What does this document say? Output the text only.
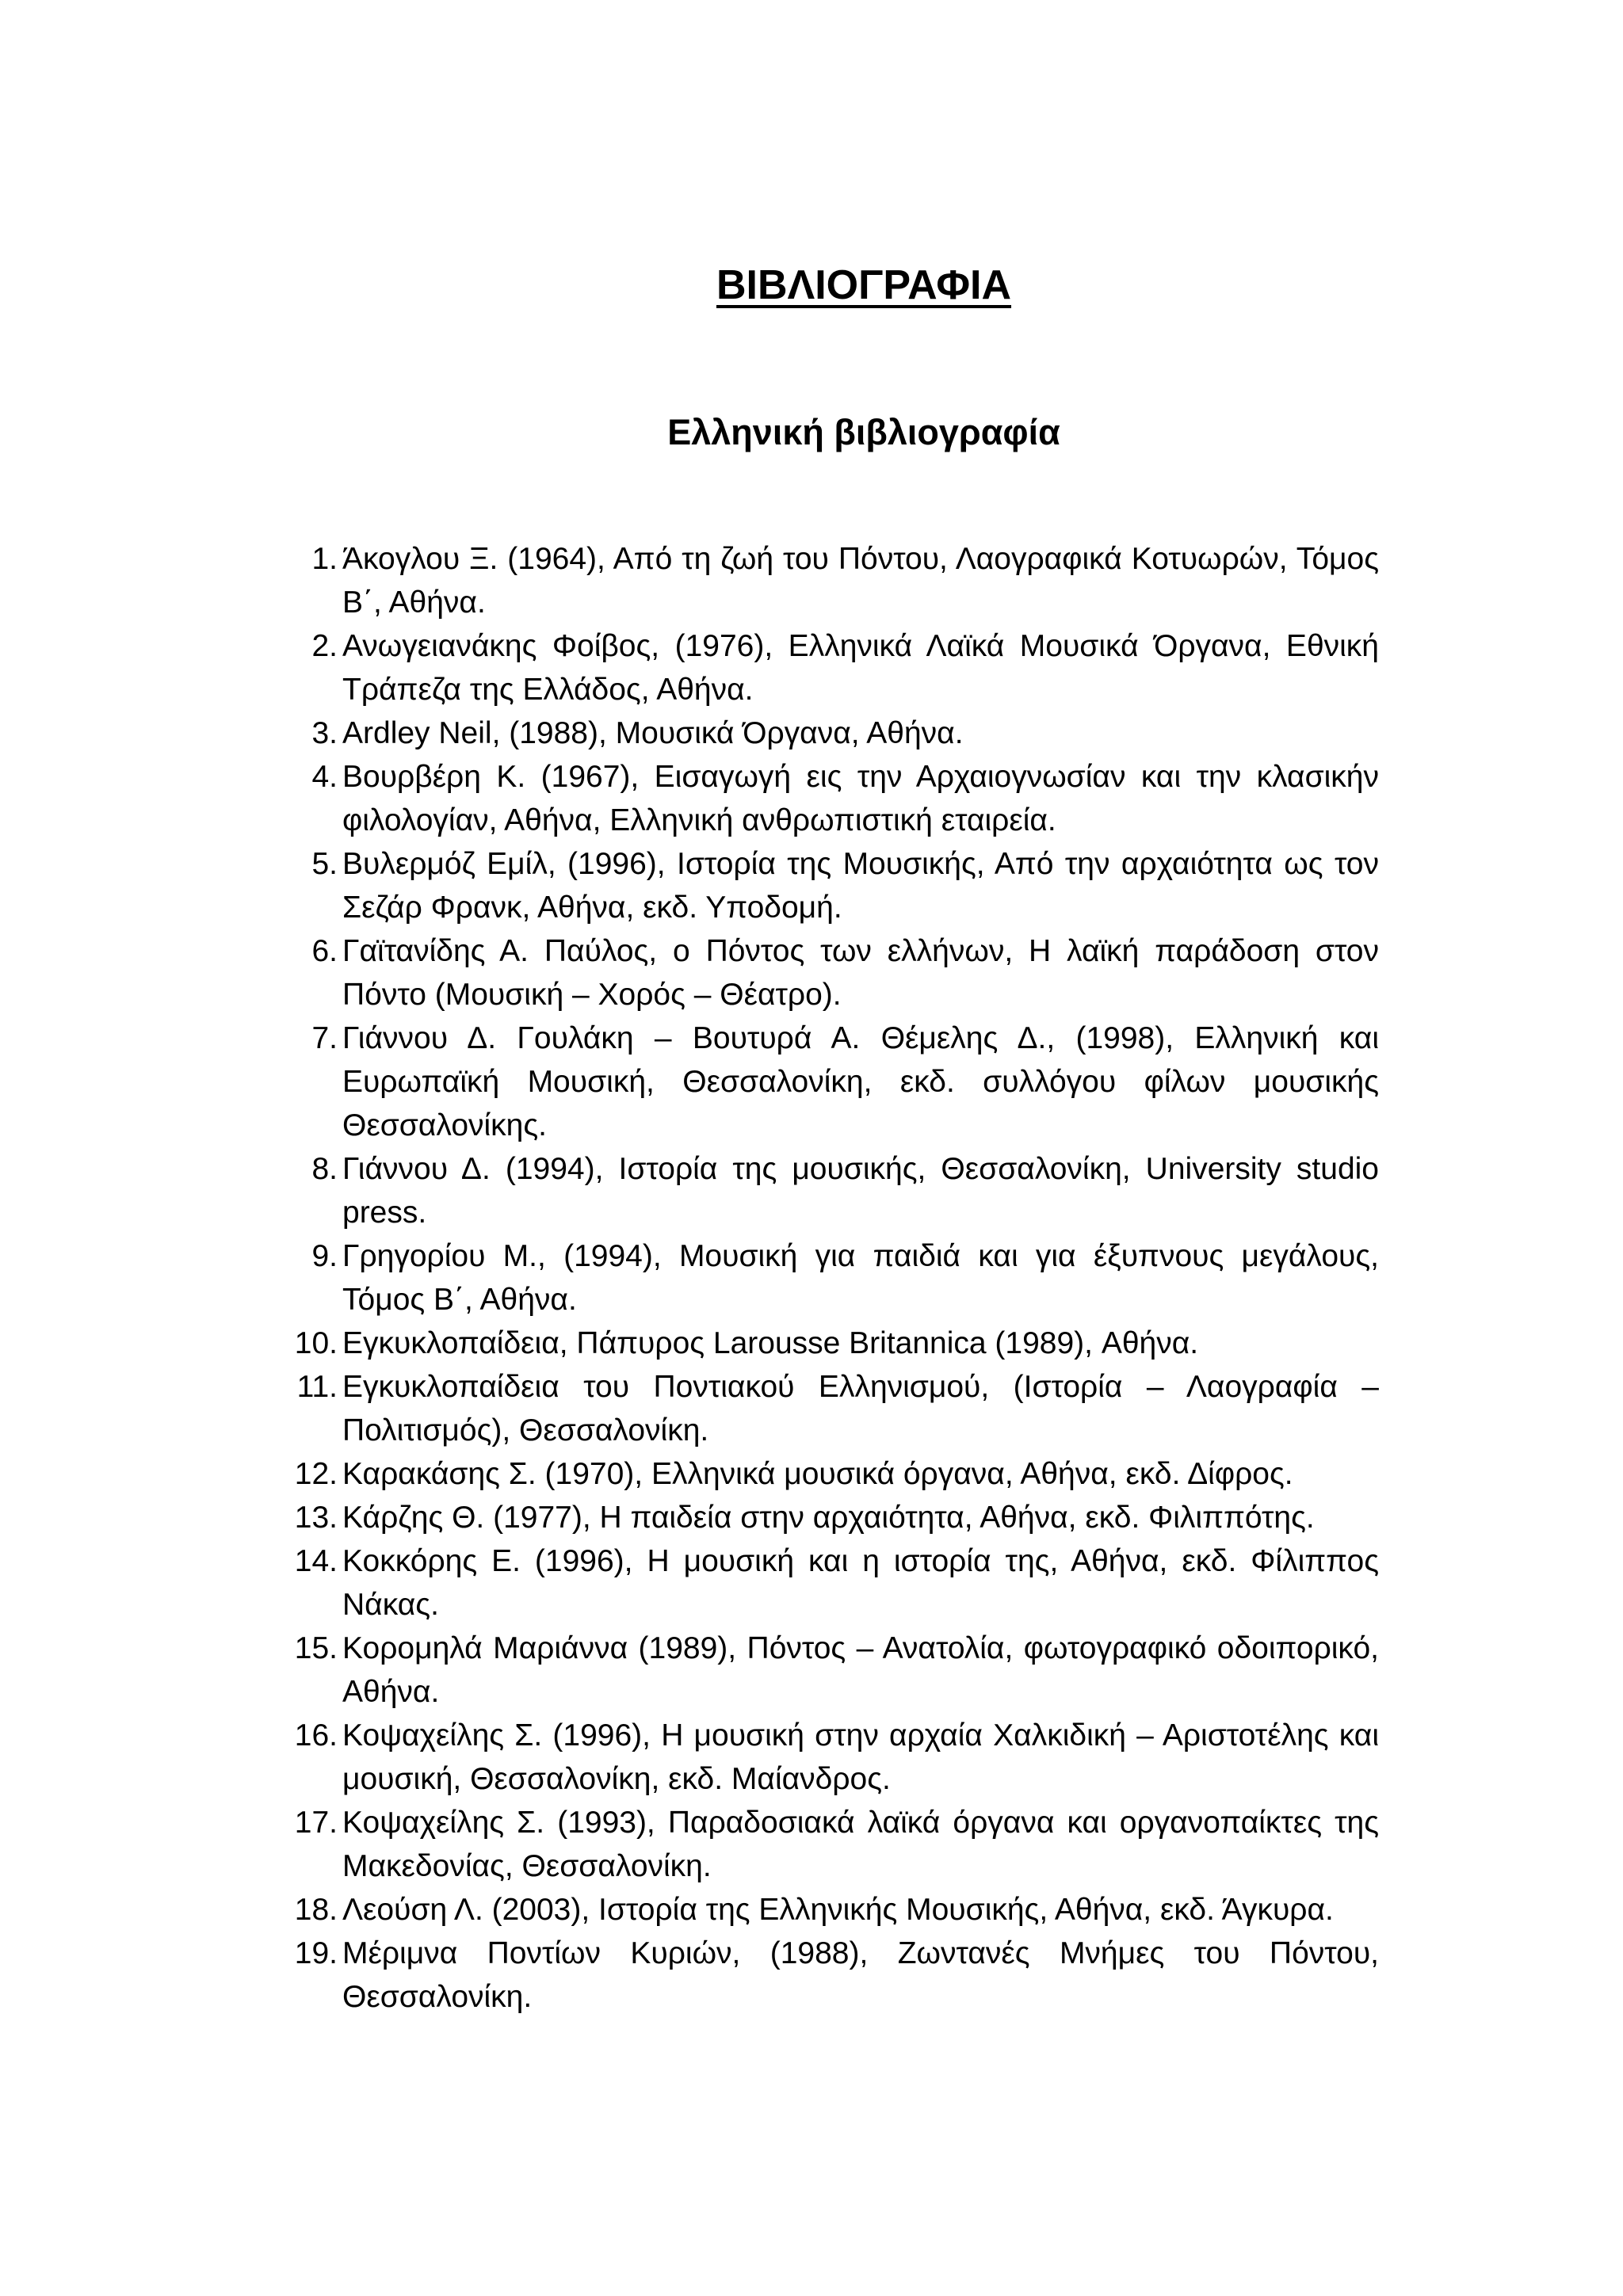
ΒΙΒΛΙΟΓΡΑΦΙΑ
Ελληνική βιβλιογραφία
1. Άκογλου Ξ. (1964), Από τη ζωή του Πόντου, Λαογραφικά Κοτυωρών, Τόμος Β΄, Αθήνα.
2. Ανωγειανάκης Φοίβος, (1976), Ελληνικά Λαϊκά Μουσικά Όργανα, Εθνική Τράπεζα της Ελλάδος, Αθήνα.
3. Ardley Neil, (1988), Μουσικά Όργανα, Αθήνα.
4. Βουρβέρη Κ. (1967), Εισαγωγή εις την Αρχαιογνωσίαν και την κλασικήν φιλολογίαν, Αθήνα, Ελληνική ανθρωπιστική εταιρεία.
5. Βυλερμόζ Εμίλ, (1996), Ιστορία της Μουσικής, Από την αρχαιότητα ως τον Σεζάρ Φρανκ, Αθήνα, εκδ. Υποδομή.
6. Γαϊτανίδης Α. Παύλος, ο Πόντος των ελλήνων, Η λαϊκή παράδοση στον Πόντο (Μουσική – Χορός – Θέατρο).
7. Γιάννου Δ. Γουλάκη – Βουτυρά Α. Θέμελης Δ., (1998), Ελληνική και Ευρωπαϊκή Μουσική, Θεσσαλονίκη, εκδ. συλλόγου φίλων μουσικής Θεσσαλονίκης.
8. Γιάννου Δ. (1994), Ιστορία της μουσικής, Θεσσαλονίκη, University studio press.
9. Γρηγορίου Μ., (1994), Μουσική για παιδιά και για έξυπνους μεγάλους, Τόμος Β΄, Αθήνα.
10. Εγκυκλοπαίδεια, Πάπυρος Larousse Britannica (1989), Αθήνα.
11. Εγκυκλοπαίδεια του Ποντιακού Ελληνισμού, (Ιστορία – Λαογραφία – Πολιτισμός), Θεσσαλονίκη.
12. Καρακάσης Σ. (1970), Ελληνικά μουσικά όργανα, Αθήνα, εκδ. Δίφρος.
13. Κάρζης Θ. (1977), Η παιδεία στην αρχαιότητα, Αθήνα, εκδ. Φιλιππότης.
14. Κοκκόρης Ε. (1996), Η μουσική και η ιστορία της, Αθήνα, εκδ. Φίλιππος Νάκας.
15. Κορομηλά Μαριάννα (1989), Πόντος – Ανατολία, φωτογραφικό οδοιπορικό, Αθήνα.
16. Κοψαχείλης Σ. (1996), Η μουσική στην αρχαία Χαλκιδική – Αριστοτέλης και μουσική, Θεσσαλονίκη, εκδ. Μαίανδρος.
17. Κοψαχείλης Σ. (1993), Παραδοσιακά λαϊκά όργανα και οργανοπαίκτες της Μακεδονίας, Θεσσαλονίκη.
18. Λεούση Λ. (2003), Ιστορία της Ελληνικής Μουσικής, Αθήνα, εκδ. Άγκυρα.
19. Μέριμνα Ποντίων Κυριών, (1988), Ζωντανές Μνήμες του Πόντου, Θεσσαλονίκη.
